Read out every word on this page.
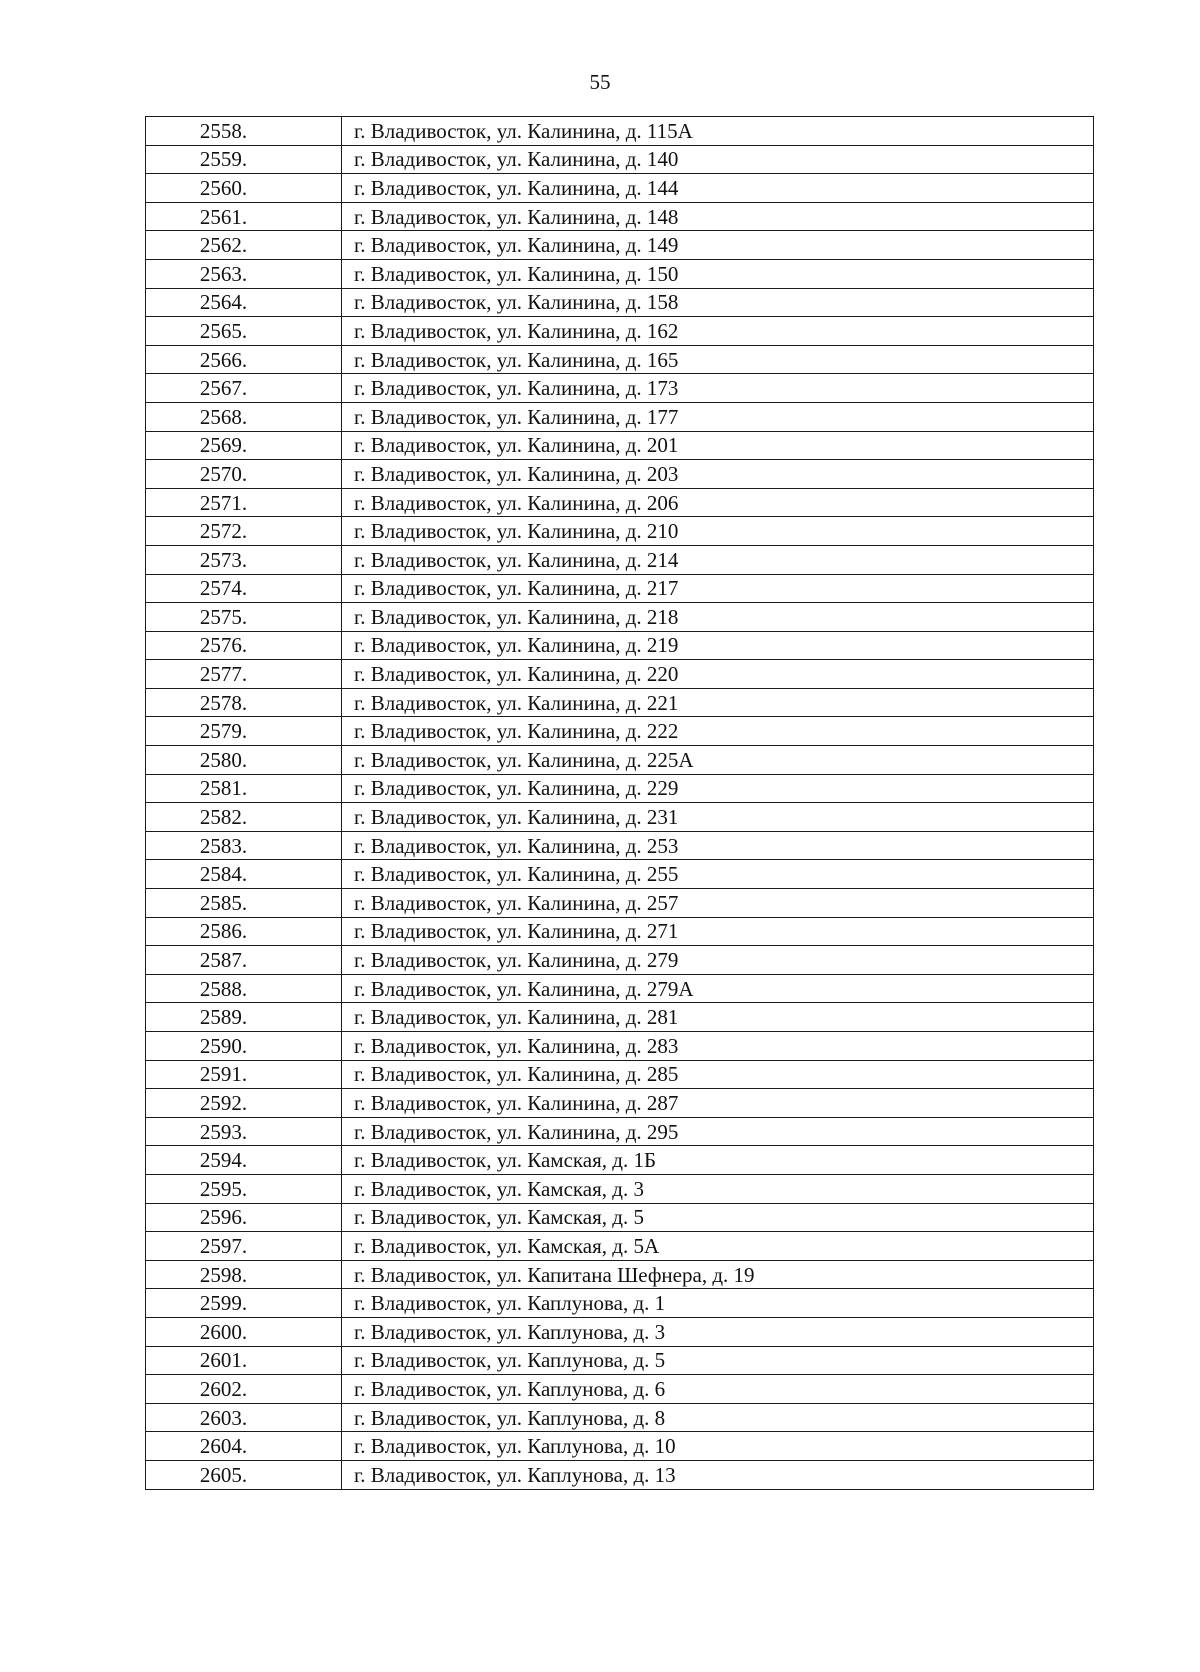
55
2558.	г. Владивосток, ул. Калинина, д. 115А
2559.	г. Владивосток, ул. Калинина, д. 140
2560.	г. Владивосток, ул. Калинина, д. 144
2561.	г. Владивосток, ул. Калинина, д. 148
2562.	г. Владивосток, ул. Калинина, д. 149
2563.	г. Владивосток, ул. Калинина, д. 150
2564.	г. Владивосток, ул. Калинина, д. 158
2565.	г. Владивосток, ул. Калинина, д. 162
2566.	г. Владивосток, ул. Калинина, д. 165
2567.	г. Владивосток, ул. Калинина, д. 173
2568.	г. Владивосток, ул. Калинина, д. 177
2569.	г. Владивосток, ул. Калинина, д. 201
2570.	г. Владивосток, ул. Калинина, д. 203
2571.	г. Владивосток, ул. Калинина, д. 206
2572.	г. Владивосток, ул. Калинина, д. 210
2573.	г. Владивосток, ул. Калинина, д. 214
2574.	г. Владивосток, ул. Калинина, д. 217
2575.	г. Владивосток, ул. Калинина, д. 218
2576.	г. Владивосток, ул. Калинина, д. 219
2577.	г. Владивосток, ул. Калинина, д. 220
2578.	г. Владивосток, ул. Калинина, д. 221
2579.	г. Владивосток, ул. Калинина, д. 222
2580.	г. Владивосток, ул. Калинина, д. 225А
2581.	г. Владивосток, ул. Калинина, д. 229
2582.	г. Владивосток, ул. Калинина, д. 231
2583.	г. Владивосток, ул. Калинина, д. 253
2584.	г. Владивосток, ул. Калинина, д. 255
2585.	г. Владивосток, ул. Калинина, д. 257
2586.	г. Владивосток, ул. Калинина, д. 271
2587.	г. Владивосток, ул. Калинина, д. 279
2588.	г. Владивосток, ул. Калинина, д. 279А
2589.	г. Владивосток, ул. Калинина, д. 281
2590.	г. Владивосток, ул. Калинина, д. 283
2591.	г. Владивосток, ул. Калинина, д. 285
2592.	г. Владивосток, ул. Калинина, д. 287
2593.	г. Владивосток, ул. Калинина, д. 295
2594.	г. Владивосток, ул. Камская, д. 1Б
2595.	г. Владивосток, ул. Камская, д. 3
2596.	г. Владивосток, ул. Камская, д. 5
2597.	г. Владивосток, ул. Камская, д. 5А
2598.	г. Владивосток, ул. Капитана Шефнера, д. 19
2599.	г. Владивосток, ул. Каплунова, д. 1
2600.	г. Владивосток, ул. Каплунова, д. 3
2601.	г. Владивосток, ул. Каплунова, д. 5
2602.	г. Владивосток, ул. Каплунова, д. 6
2603.	г. Владивосток, ул. Каплунова, д. 8
2604.	г. Владивосток, ул. Каплунова, д. 10
2605.	г. Владивосток, ул. Каплунова, д. 13
